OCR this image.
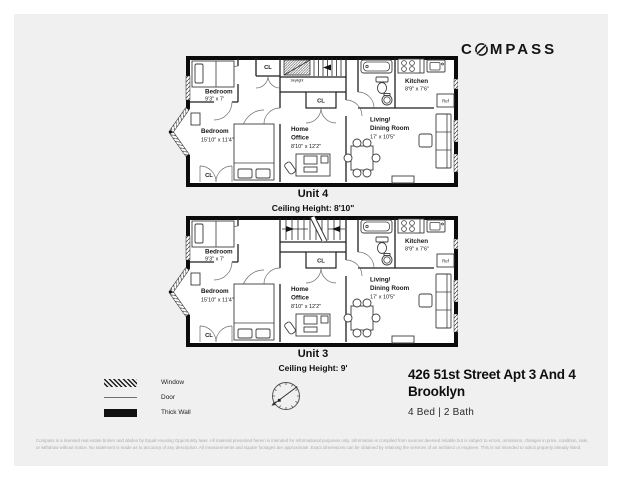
C MPASS
Skylight
Ref
Bedroom
9'3" x 7'
Bedroom
15'10" x 11'4"
Home
Office
8'10" x 12'2"
Living/
Dining Room
17' x 10'5"
Kitchen
8'9" x 7'6"
CL
CL
CL
Unit 4
Ceiling Height: 8'10"
Ref
Bedroom
9'3" x 7'
Bedroom
15'10" x 11'4"
Home
Office
8'10" x 12'2"
Living/
Dining Room
17' x 10'5"
Kitchen
8'9" x 7'6"
CL
CL
Unit 3
Ceiling Height: 9'
Window
Door
Thick Wall
426 51st Street Apt 3 And 4
Brooklyn
4 Bed | 2 Bath
Compass is a licensed real estate broker and abides by Equal Housing Opportunity laws. All material presented herein is intended for informational purposes only. Information is compiled from sources deemed reliable but is subject to errors, omissions, changes in price, condition, sale,
or withdraw without notice. No statement is made as to accuracy of any description. All measurements and square footages are approximate. Exact dimensions can be obtained by retaining the services of an architect or engineer. This is not intended to solicit property already listed.
